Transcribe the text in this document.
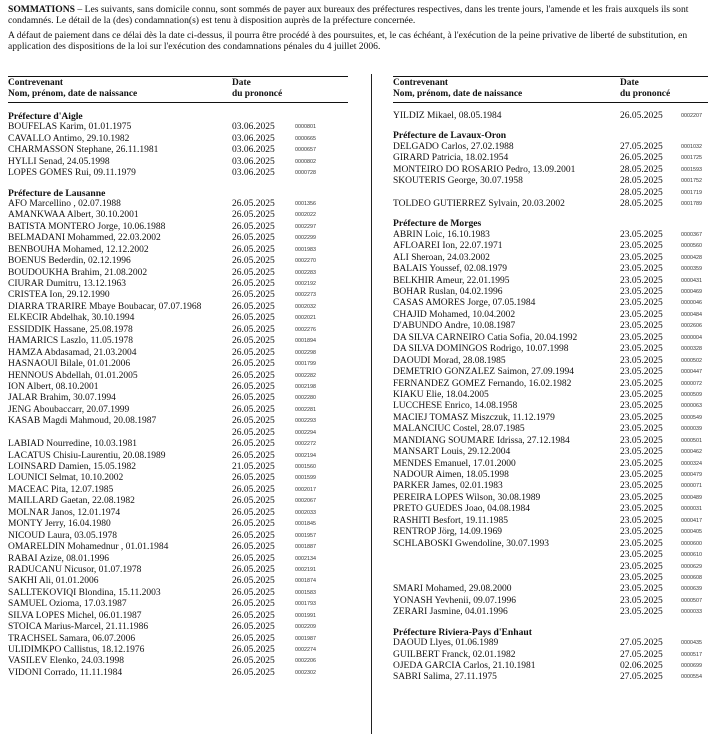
SOMMATIONS – Les suivants, sans domicile connu, sont sommés de payer aux bureaux des préfectures respectives, dans les trente jours, l'amende et les frais auxquels ils sont condamnés. Le détail de la (des) condamnation(s) est tenu à disposition auprès de la préfecture concernée.

A défaut de paiement dans ce délai dès la date ci-dessus, il pourra être procédé à des poursuites, et, le cas échéant, à l'exécution de la peine privative de liberté de substitution, en application des dispositions de la loi sur l'exécution des condamnations pénales du 4 juillet 2006.

Contrevenant
Nom, prénom, date de naissance
Date
du prononcé
Préfecture d'Aigle
BOUFELAS Karim, 01.01.1975	03.06.2025	0000801
CAVALLO Antimo, 29.10.1982	03.06.2025	0000665
CHARMASSON Stephane, 26.11.1981	03.06.2025	0000657
HYLLI Senad, 24.05.1998	03.06.2025	0000802
LOPES GOMES Rui, 09.11.1979	03.06.2025	0000728
Préfecture de Lausanne
AFO Marcellino , 02.07.1988	26.05.2025	0001356
AMANKWAA Albert, 30.10.2001	26.05.2025	0002022
BATISTA MONTERO Jorge, 10.06.1988	26.05.2025	0002297
BELMADANI Mohammed, 22.03.2002	26.05.2025	0002299
BENBOUHA Mohamed, 12.12.2002	26.05.2025	0001983
BOENUS Bederdin, 02.12.1996	26.05.2025	0002270
BOUDOUKHA Brahim, 21.08.2002	26.05.2025	0002283
CIURAR Dumitru, 13.12.1963	26.05.2025	0002192
CRISTEA Ion, 29.12.1990	26.05.2025	0002273
DIARRA TRARIRE Mbaye Boubacar, 07.07.1968	26.05.2025	0002032
ELKECIR Abdelhak, 30.10.1994	26.05.2025	0002021
ESSIDDIK Hassane, 25.08.1978	26.05.2025	0002276
HAMARICS Laszlo, 11.05.1978	26.05.2025	0001894
HAMZA Abdasamad, 21.03.2004	26.05.2025	0002298
HASNAOUI Bilale, 01.01.2006	26.05.2025	0001799
HENNOUS Abdellah, 01.01.2005	26.05.2025	0002282
ION Albert, 08.10.2001	26.05.2025	0002198
JALAR Brahim, 30.07.1994	26.05.2025	0002280
JENG Aboubaccarr, 20.07.1999	26.05.2025	0002281
KASAB Magdi Mahmoud, 20.08.1987	26.05.2025	0002293
26.05.2025	0002294
LABIAD Nourredine, 10.03.1981	26.05.2025	0002272
LACATUS Chisiu-Laurentiu, 20.08.1989	26.05.2025	0002194
LOINSARD Damien, 15.05.1982	21.05.2025	0001560
LOUNICI Selmat, 10.10.2002	26.05.2025	0001599
MACEAC Pita, 12.07.1985	26.05.2025	0002017
MAILLARD Gaetan, 22.08.1982	26.05.2025	0002067
MOLNAR Janos, 12.01.1974	26.05.2025	0002033
MONTY Jerry, 16.04.1980	26.05.2025	0001845
NICOUD Laura, 03.05.1978	26.05.2025	0001957
OMARELDIN Mohamednur , 01.01.1984	26.05.2025	0001887
RABAI Azize, 08.01.1996	26.05.2025	0002134
RADUCANU Nicusor, 01.07.1978	26.05.2025	0002191
SAKHI Ali, 01.01.2006	26.05.2025	0001874
SALLTEKOVIQI Blondina, 15.11.2003	26.05.2025	0001583
SAMUEL Ozioma, 17.03.1987	26.05.2025	0001793
SILVA LOPES Michel, 06.01.1987	26.05.2025	0001991
STOICA Marius-Marcel, 21.11.1986	26.05.2025	0002209
TRACHSEL Samara, 06.07.2006	26.05.2025	0001987
ULIDIMKPO Callistus, 18.12.1976	26.05.2025	0002274
VASILEV Elenko, 24.03.1998	26.05.2025	0002206
VIDONI Corrado, 11.11.1984	26.05.2025	0002302
Contrevenant
Nom, prénom, date de naissance
Date
du prononcé
YILDIZ Mikael, 08.05.1984	26.05.2025	0002207
Préfecture de Lavaux-Oron
DELGADO Carlos, 27.02.1988	27.05.2025	0001032
GIRARD Patricia, 18.02.1954	26.05.2025	0001725
MONTEIRO DO ROSARIO Pedro, 13.09.2001	28.05.2025	0001593
SKOUTERIS George, 30.07.1958	28.05.2025	0001752
28.05.2025	0001719
TOLDEO GUTIERREZ Sylvain, 20.03.2002	28.05.2025	0001789
Préfecture de Morges
ABRIN Loic, 16.10.1983	23.05.2025	0000367
AFLOAREI Ion, 22.07.1971	23.05.2025	0000560
ALI Sheroan, 24.03.2002	23.05.2025	0000428
BALAIS Youssef, 02.08.1979	23.05.2025	0000359
BELKHIR Ameur, 22.01.1995	23.05.2025	0000431
BOHAR Ruslan, 04.02.1996	23.05.2025	0000469
CASAS AMORES Jorge, 07.05.1984	23.05.2025	0000046
CHAJID Mohamed, 10.04.2002	23.05.2025	0000484
D'ABUNDO Andre, 10.08.1987	23.05.2025	0002606
DA SILVA CARNEIRO Catia Sofia, 20.04.1992	23.05.2025	0000004
DA SILVA DOMINGOS Rodrigo, 10.07.1998	23.05.2025	0000328
DAOUDI Morad, 28.08.1985	23.05.2025	0000502
DEMETRIO GONZALEZ Saimon, 27.09.1994	23.05.2025	0000447
FERNANDEZ GOMEZ Fernando, 16.02.1982	23.05.2025	0000072
KIAKU Elie, 18.04.2005	23.05.2025	0000509
LUCCHESE Enrico, 14.08.1958	23.05.2025	0000063
MACIEJ TOMASZ Miszczuk, 11.12.1979	23.05.2025	0000549
MALANCIUC Costel, 28.07.1985	23.05.2025	0000039
MANDIANG SOUMARE Idrissa, 27.12.1984	23.05.2025	0000501
MANSART Louis, 29.12.2004	23.05.2025	0000462
MENDES Emanuel, 17.01.2000	23.05.2025	0000324
NADOUR Aimen, 18.05.1998	23.05.2025	0000479
PARKER James, 02.01.1983	23.05.2025	0000071
PEREIRA LOPES Wilson, 30.08.1989	23.05.2025	0000489
PRETO GUEDES Joao, 04.08.1984	23.05.2025	0000031
RASHITI Besfort, 19.11.1985	23.05.2025	0000417
RENTROP Jörg, 14.09.1969	23.05.2025	0000405
SCHLABOSKI Gwendoline, 30.07.1993	23.05.2025	0000600
23.05.2025	0000610
23.05.2025	0000629
23.05.2025	0000608
SMARI Mohamed, 29.08.2000	23.05.2025	0000639
YONASH Yevhenii, 09.07.1996	23.05.2025	0000507
ZERARI Jasmine, 04.01.1996	23.05.2025	0000033
Préfecture Riviera-Pays d'Enhaut
DAOUD Llyes, 01.06.1989	27.05.2025	0000435
GUILBERT Franck, 02.01.1982	27.05.2025	0000517
OJEDA GARCIA Carlos, 21.10.1981	02.06.2025	0000699
SABRI Salima, 27.11.1975	27.05.2025	0000554
